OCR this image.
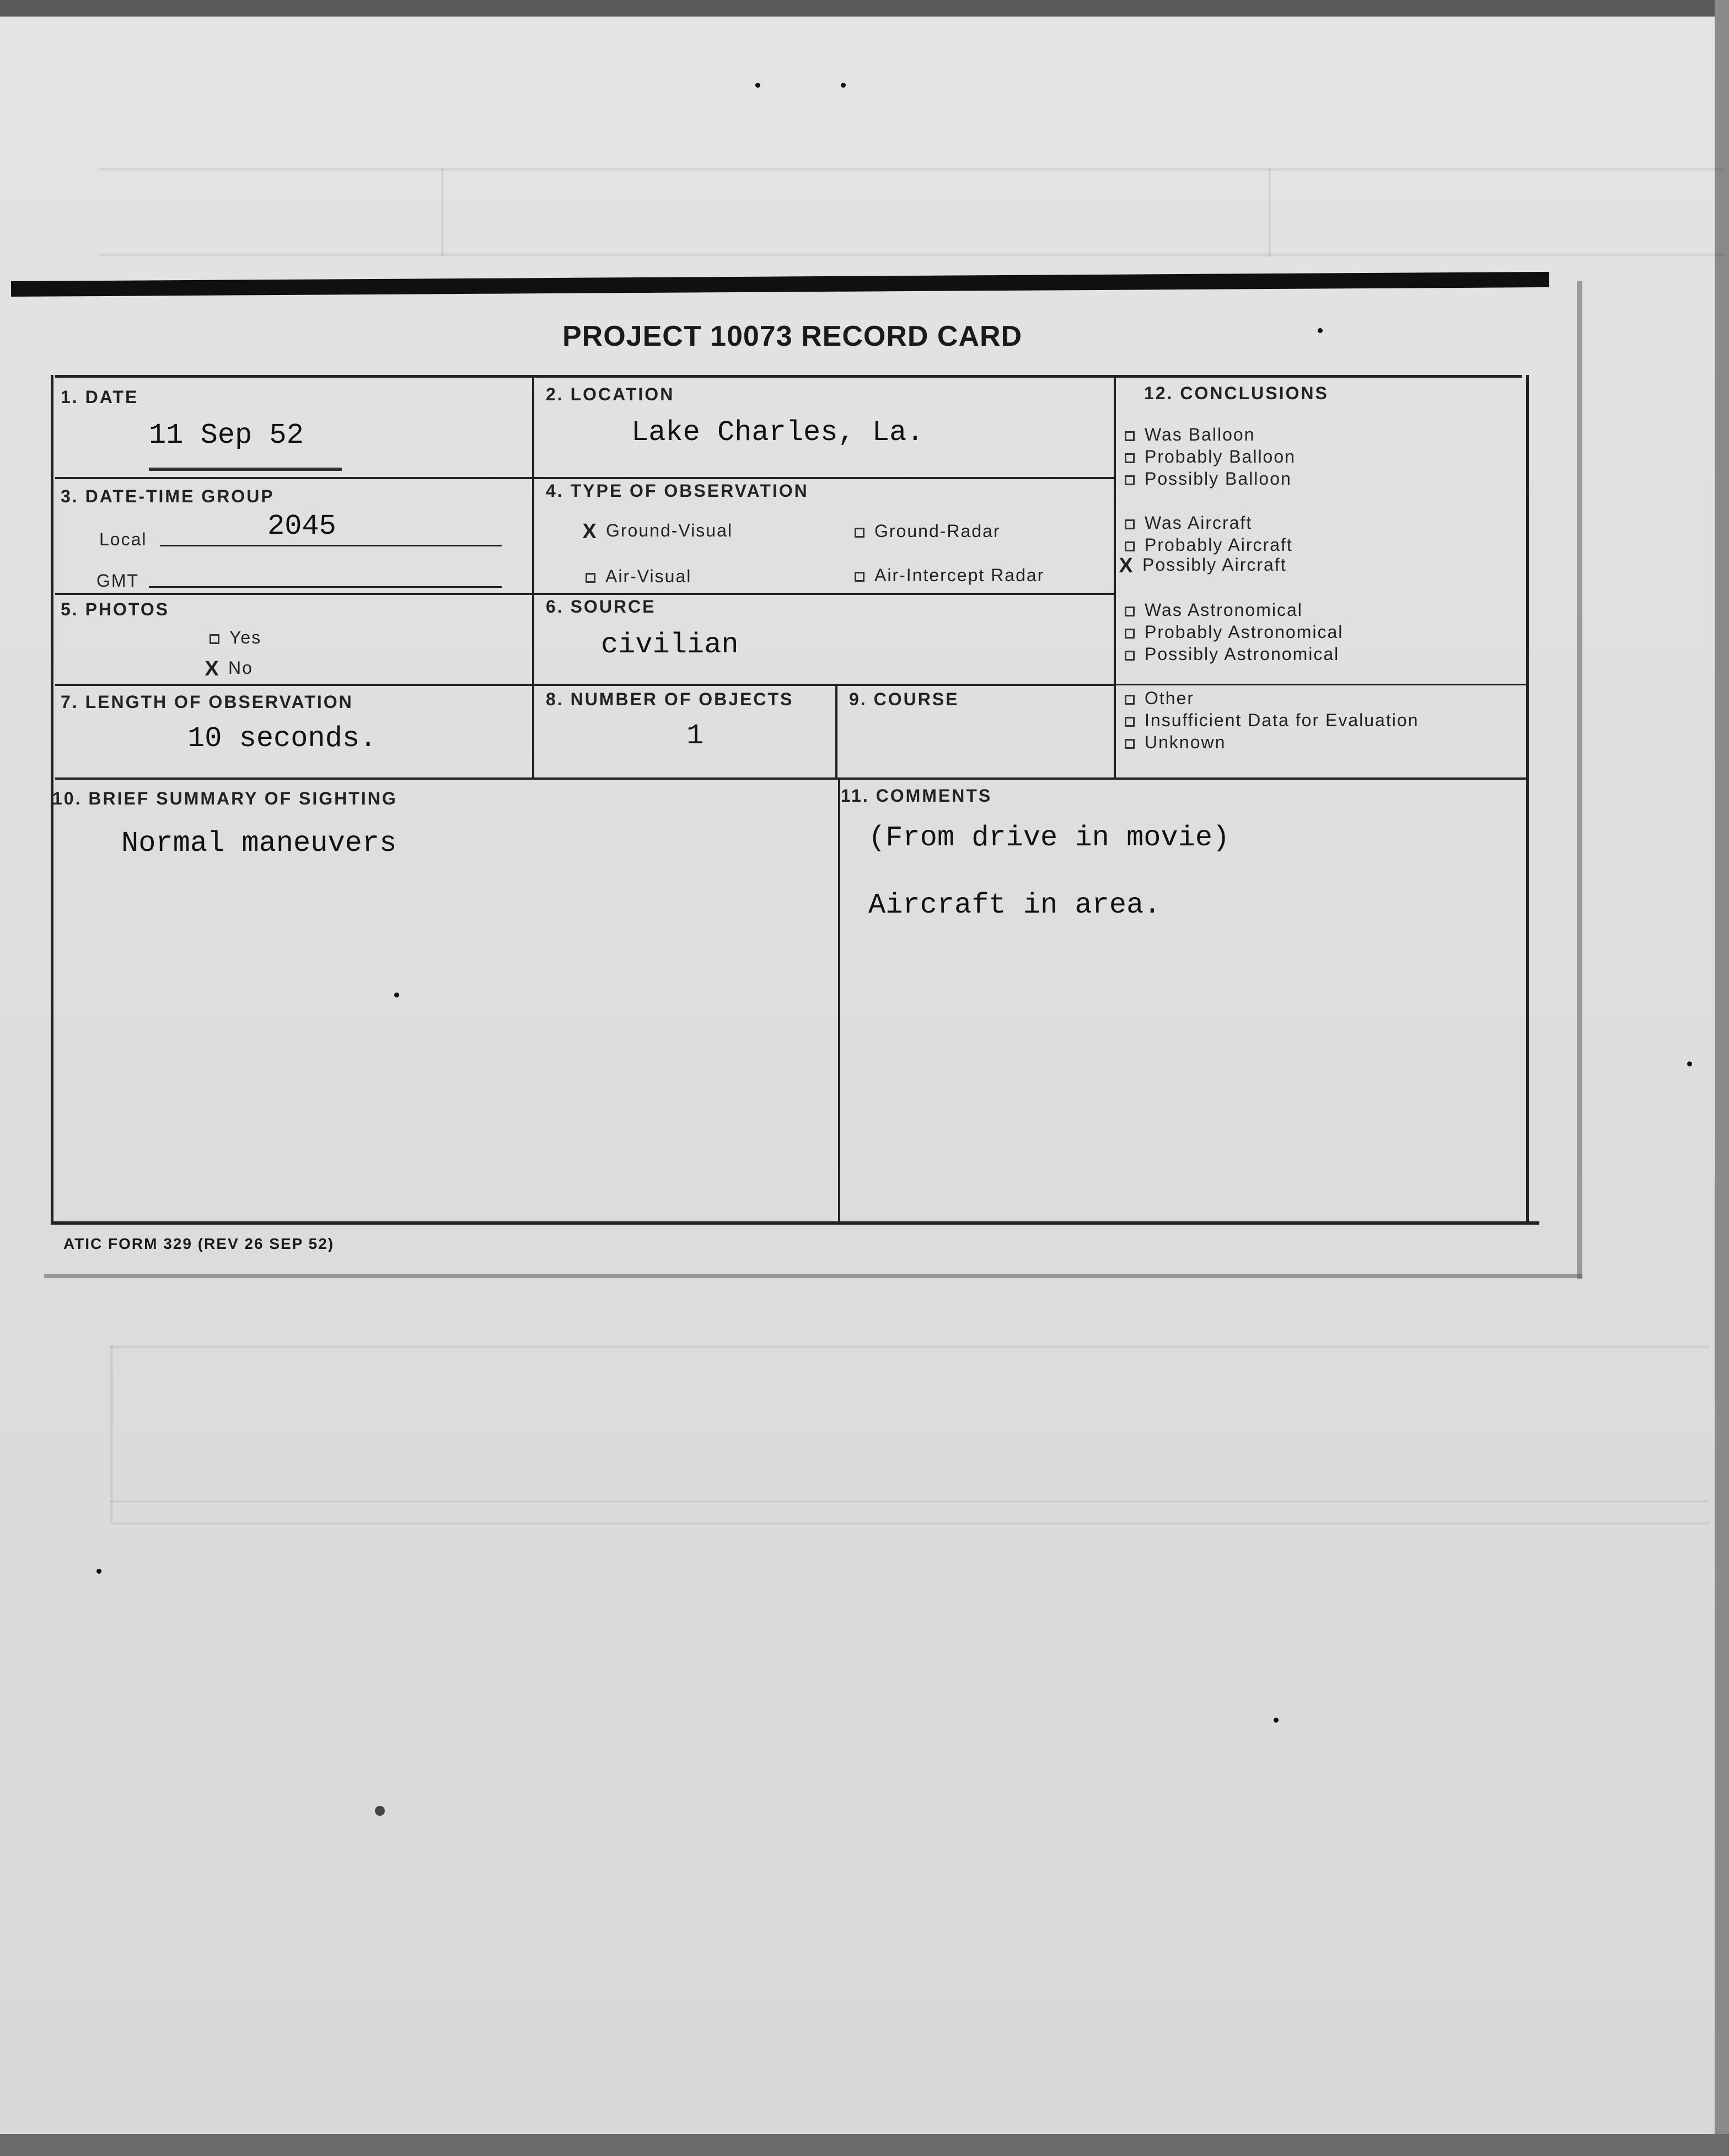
PROJECT 10073 RECORD CARD
1. DATE
11 Sep 52
2. LOCATION
Lake Charles, La.
3. DATE-TIME GROUP
Local	2045
GMT
4. TYPE OF OBSERVATION
X Ground-Visual	Ground-Radar
Air-Visual	Air-Intercept Radar
5. PHOTOS
Yes
X No
6. SOURCE
civilian
7. LENGTH OF OBSERVATION
10 seconds.
8. NUMBER OF OBJECTS
1
9. COURSE
10. BRIEF SUMMARY OF SIGHTING
Normal maneuvers
11. COMMENTS
(From drive in movie)
Aircraft in area.
12. CONCLUSIONS
Was Balloon
Probably Balloon
Possibly Balloon
Was Aircraft
Probably Aircraft
X Possibly Aircraft
Was Astronomical
Probably Astronomical
Possibly Astronomical
Other
Insufficient Data for Evaluation
Unknown
ATIC FORM 329 (REV 26 SEP 52)
